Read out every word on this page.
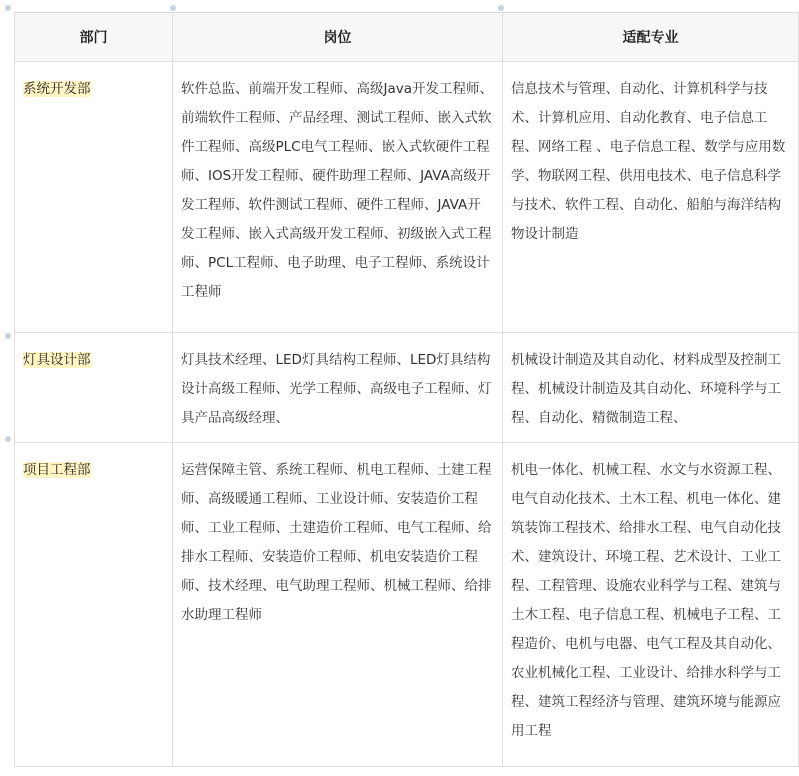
部门	岗位	适配专业
系统开发部	软件总监、前端开发工程师、高级Java开发工程师、前端软件工程师、产品经理、测试工程师、嵌入式软件工程师、高级PLC电气工程师、嵌入式软硬件工程师、IOS开发工程师、硬件助理工程师、JAVA高级开发工程师、软件测试工程师、硬件工程师、JAVA开发工程师、嵌入式高级开发工程师、初级嵌入式工程师、PCL工程师、电子助理、电子工程师、系统设计工程师	信息技术与管理、自动化、计算机科学与技术、计算机应用、自动化教育、电子信息工程、网络工程 、电子信息工程、数学与应用数学、物联网工程、供用电技术、电子信息科学与技术、软件工程、自动化、船舶与海洋结构物设计制造
灯具设计部	灯具技术经理、LED灯具结构工程师、LED灯具结构设计高级工程师、光学工程师、高级电子工程师、灯具产品高级经理、	机械设计制造及其自动化、材料成型及控制工程、机械设计制造及其自动化、环境科学与工程、自动化、精微制造工程、
项目工程部	运营保障主管、系统工程师、机电工程师、土建工程师、高级暖通工程师、工业设计师、安装造价工程师、工业工程师、土建造价工程师、电气工程师、给排水工程师、安装造价工程师、机电安装造价工程师、技术经理、电气助理工程师、机械工程师、给排水助理工程师	机电一体化、机械工程、水文与水资源工程、电气自动化技术、土木工程、机电一体化、建筑装饰工程技术、给排水工程、电气自动化技术、建筑设计、环境工程、艺术设计、工业工程、工程管理、设施农业科学与工程、建筑与土木工程、电子信息工程、机械电子工程、工程造价、电机与电器、电气工程及其自动化、农业机械化工程、工业设计、给排水科学与工程、建筑工程经济与管理、建筑环境与能源应用工程
